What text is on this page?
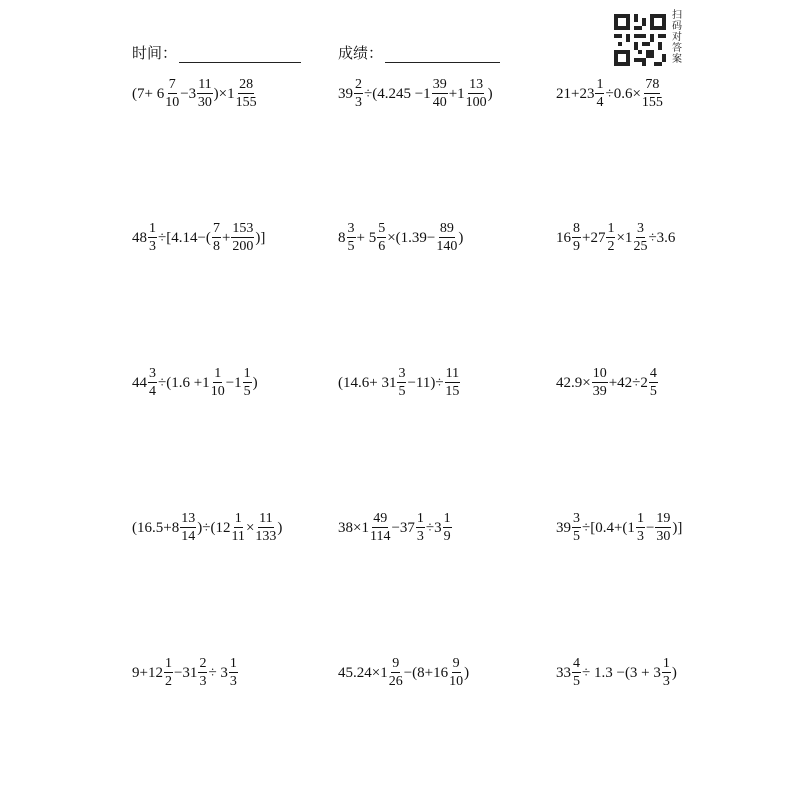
时间：	成绩：
扫
码
对
答
案
$(7+ 6 \frac{7}{10} -3 \frac{11}{30} )\times 1 \frac{28}{155}$	$39 \frac{2}{3} \div(4.245 -1 \frac{39}{40} +1 \frac{13}{100}$ )	$21+23 \frac{1}{4} \div 0.6\times \frac{78}{155}$
$48 \frac{1}{3} \div[4.14-( \frac{7}{8} + \frac{153}{200}$ )]	$8 \frac{3}{5} + 5 \frac{5}{6} \times(1.39- \frac{89}{140}$ )	$16 \frac{8}{9} +27 \frac{1}{2} \times 1 \frac{3}{25} \div 3.6$
$44 \frac{3}{4} \div(1.6 +1 \frac{1}{10} -1 \frac{1}{5}$ )	$(14.6+ 31 \frac{3}{5} -11)\div \frac{11}{15}$	$42.9\times \frac{10}{39} +42\div 2 \frac{4}{5}$
$(16.5+8 \frac{13}{14} )\div(12 \frac{1}{11} \times \frac{11}{133}$ )	$38\times 1 \frac{49}{114} -37 \frac{1}{3} \div 3 \frac{1}{9}$	$39 \frac{3}{5} \div[0.4+(1 \frac{1}{3} - \frac{19}{30}$ )]
$9+12 \frac{1}{2} -31 \frac{2}{3} \div 3 \frac{1}{3}$	$45.24\times 1 \frac{9}{26} -(8+16 \frac{9}{10}$ )	$33 \frac{4}{5} \div 1.3 -(3 + 3 \frac{1}{3}$ )
